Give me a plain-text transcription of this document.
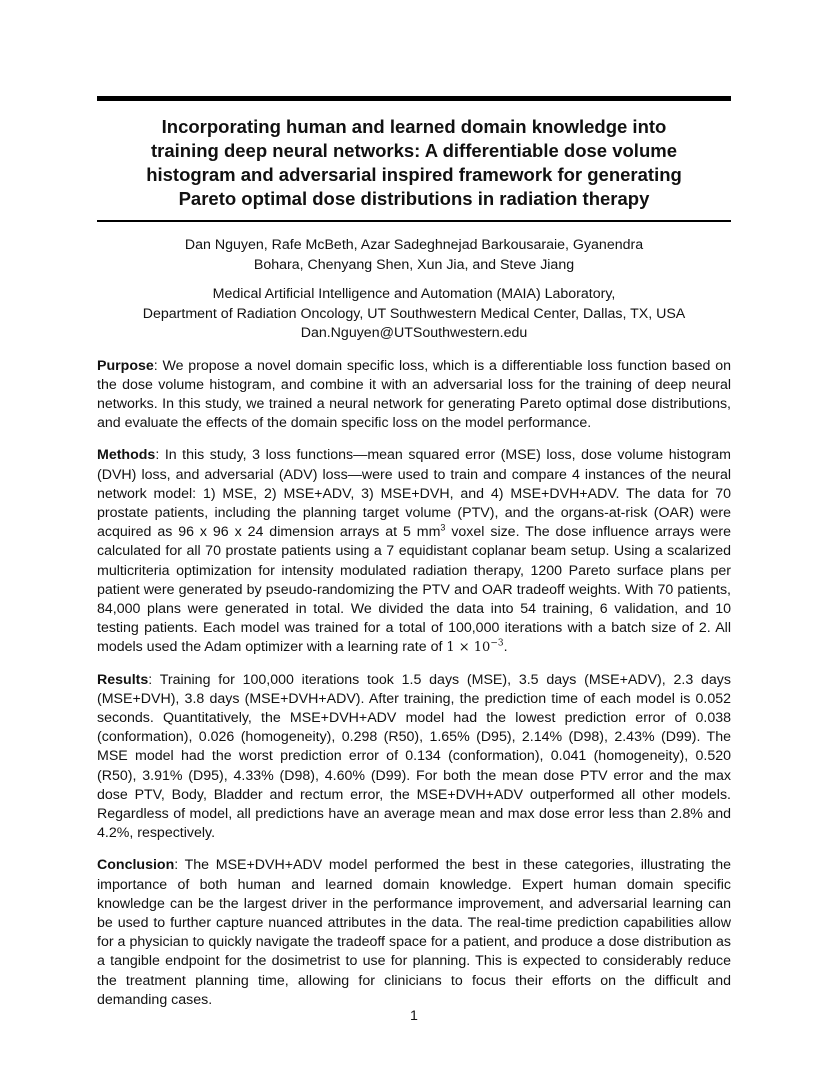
Incorporating human and learned domain knowledge into
training deep neural networks: A differentiable dose volume
histogram and adversarial inspired framework for generating
Pareto optimal dose distributions in radiation therapy
Dan Nguyen, Rafe McBeth, Azar Sadeghnejad Barkousaraie, Gyanendra
Bohara, Chenyang Shen, Xun Jia, and Steve Jiang
Medical Artificial Intelligence and Automation (MAIA) Laboratory,
Department of Radiation Oncology, UT Southwestern Medical Center, Dallas, TX, USA
Dan.Nguyen@UTSouthwestern.edu

Purpose: We propose a novel domain specific loss, which is a differentiable loss function based on the dose volume histogram, and combine it with an adversarial loss for the training of deep neural networks. In this study, we trained a neural network for generating Pareto optimal dose distributions, and evaluate the effects of the domain specific loss on the model performance.

Methods: In this study, 3 loss functions—mean squared error (MSE) loss, dose volume histogram (DVH) loss, and adversarial (ADV) loss—were used to train and compare 4 instances of the neural network model: 1) MSE, 2) MSE+ADV, 3) MSE+DVH, and 4) MSE+DVH+ADV. The data for 70 prostate patients, including the planning target volume (PTV), and the organs-at-risk (OAR) were acquired as 96 x 96 x 24 dimension arrays at 5 $mm^3$ voxel size. The dose influence arrays were calculated for all 70 prostate patients using a 7 equidistant coplanar beam setup. Using a scalarized multicriteria optimization for intensity modulated radiation therapy, 1200 Pareto surface plans per patient were generated by pseudo-randomizing the PTV and OAR tradeoff weights. With 70 patients, 84,000 plans were generated in total. We divided the data into 54 training, 6 validation, and 10 testing patients. Each model was trained for a total of 100,000 iterations with a batch size of 2. All models used the Adam optimizer with a learning rate of $1 \times 10^{-3}$.

Results: Training for 100,000 iterations took 1.5 days (MSE), 3.5 days (MSE+ADV), 2.3 days (MSE+DVH), 3.8 days (MSE+DVH+ADV). After training, the prediction time of each model is 0.052 seconds. Quantitatively, the MSE+DVH+ADV model had the lowest prediction error of 0.038 (conformation), 0.026 (homogeneity), 0.298 (R50), 1.65% (D95), 2.14% (D98), 2.43% (D99). The MSE model had the worst prediction error of 0.134 (conformation), 0.041 (homogeneity), 0.520 (R50), 3.91% (D95), 4.33% (D98), 4.60% (D99). For both the mean dose PTV error and the max dose PTV, Body, Bladder and rectum error, the MSE+DVH+ADV outperformed all other models. Regardless of model, all predictions have an average mean and max dose error less than 2.8% and 4.2%, respectively.

Conclusion: The MSE+DVH+ADV model performed the best in these categories, illustrating the importance of both human and learned domain knowledge. Expert human domain specific knowledge can be the largest driver in the performance improvement, and adversarial learning can be used to further capture nuanced attributes in the data. The real-time prediction capabilities allow for a physician to quickly navigate the tradeoff space for a patient, and produce a dose distribution as a tangible endpoint for the dosimetrist to use for planning. This is expected to considerably reduce the treatment planning time, allowing for clinicians to focus their efforts on the difficult and demanding cases.

1
